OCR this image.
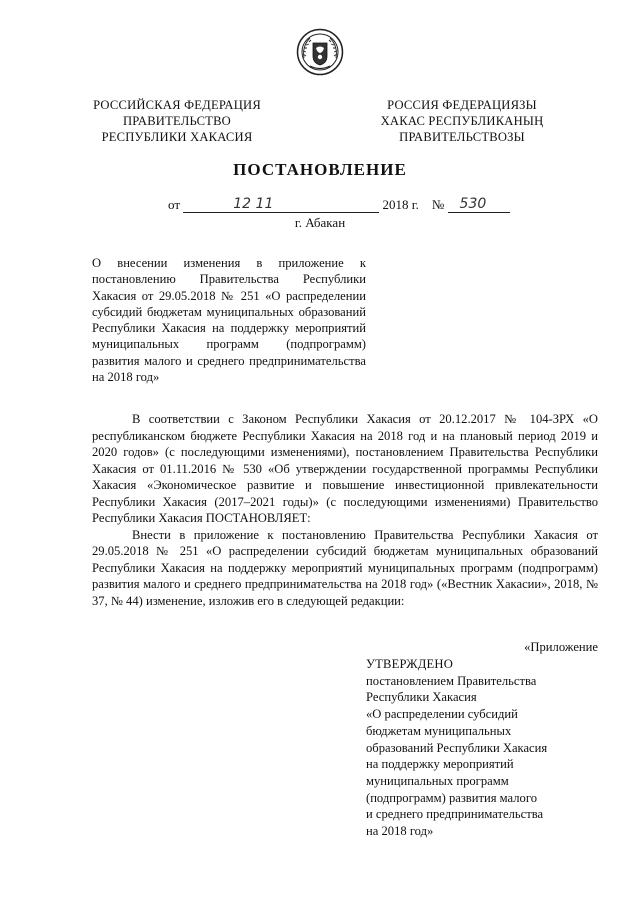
РОССИЙСКАЯ ФЕДЕРАЦИЯ
ПРАВИТЕЛЬСТВО
РЕСПУБЛИКИ ХАКАСИЯ
РОССИЯ ФЕДЕРАЦИЯЗЫ
ХАКАС РЕСПУБЛИКАНЫҢ
ПРАВИТЕЛЬСТВОЗЫ
ПОСТАНОВЛЕНИЕ
от	12 11	2018 г. № 530
г. Абакан
О внесении изменения в приложение к постановлению Правительства Республики Хакасия от 29.05.2018 № 251 «О распределении субсидий бюджетам муниципальных образований Республики Хакасия на поддержку мероприятий муниципальных программ (подпрограмм) развития малого и среднего предпринимательства на 2018 год»

В соответствии с Законом Республики Хакасия от 20.12.2017 № 104-ЗРХ «О республиканском бюджете Республики Хакасия на 2018 год и на плановый период 2019 и 2020 годов» (с последующими изменениями), постановлением Правительства Республики Хакасия от 01.11.2016 № 530 «Об утверждении государственной программы Республики Хакасия «Экономическое развитие и повышение инвестиционной привлекательности Республики Хакасия (2017–2021 годы)» (с последующими изменениями) Правительство Республики Хакасия ПОСТАНОВЛЯЕТ:

Внести в приложение к постановлению Правительства Республики Хакасия от 29.05.2018 № 251 «О распределении субсидий бюджетам муниципальных образований Республики Хакасия на поддержку мероприятий муниципальных программ (подпрограмм) развития малого и среднего предпринимательства на 2018 год» («Вестник Хакасии», 2018, № 37, № 44) изменение, изложив его в следующей редакции:

«Приложение
УТВЕРЖДЕНО
постановлением Правительства
Республики Хакасия
«О распределении субсидий
бюджетам муниципальных
образований Республики Хакасия
на поддержку мероприятий
муниципальных программ
(подпрограмм) развития малого
и среднего предпринимательства
на 2018 год»
